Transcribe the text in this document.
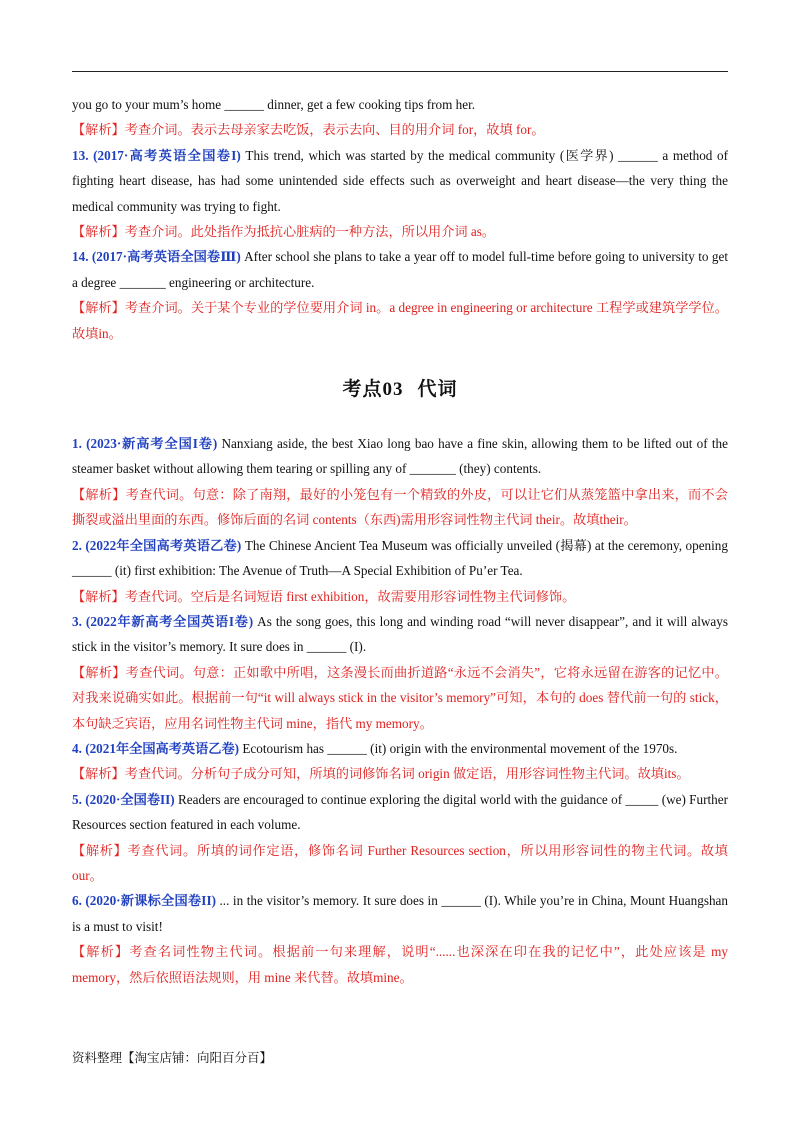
you go to your mum’s home ______ dinner, get a few cooking tips from her.

【解析】考查介词。表示去母亲家去吃饭，表示去向、目的用介词 for，故填 for。

13. (2017·高考英语全国卷I) This trend, which was started by the medical community (医学界) ______ a method of fighting heart disease, has had some unintended side effects such as overweight and heart disease—the very thing the medical community was trying to fight.

【解析】考查介词。此处指作为抵抗心脏病的一种方法，所以用介词 as。

14. (2017·高考英语全国卷Ⅲ) After school she plans to take a year off to model full-time before going to university to get a degree _______ engineering or architecture.

【解析】考查介词。关于某个专业的学位要用介词 in。a degree in engineering or architecture 工程学或建筑学学位。故填in。

考点03 代词

1. (2023·新高考全国I卷) Nanxiang aside, the best Xiao long bao have a fine skin, allowing them to be lifted out of the steamer basket without allowing them tearing or spilling any of _______ (they) contents.

【解析】考查代词。句意：除了南翔，最好的小笼包有一个精致的外皮，可以让它们从蒸笼篮中拿出来，而不会撕裂或溢出里面的东西。修饰后面的名词 contents（东西)需用形容词性物主代词 their。故填their。

2. (2022年全国高考英语乙卷) The Chinese Ancient Tea Museum was officially unveiled (揭幕) at the ceremony, opening ______ (it) first exhibition: The Avenue of Truth—A Special Exhibition of Pu’er Tea.

【解析】考查代词。空后是名词短语 first exhibition，故需要用形容词性物主代词修饰。

3. (2022年新高考全国英语I卷) As the song goes, this long and winding road “will never disappear”, and it will always stick in the visitor’s memory. It sure does in ______ (I).

【解析】考查代词。句意：正如歌中所唱，这条漫长而曲折道路“永远不会消失”，它将永远留在游客的记忆中。对我来说确实如此。根据前一句“it will always stick in the visitor’s memory”可知，本句的 does 替代前一句的 stick，本句缺乏宾语，应用名词性物主代词 mine，指代 my memory。

4. (2021年全国高考英语乙卷) Ecotourism has ______ (it) origin with the environmental movement of the 1970s.

【解析】考查代词。分析句子成分可知，所填的词修饰名词 origin 做定语，用形容词性物主代词。故填its。

5. (2020·全国卷II) Readers are encouraged to continue exploring the digital world with the guidance of _____ (we) Further Resources section featured in each volume.

【解析】考查代词。所填的词作定语，修饰名词 Further Resources section，所以用形容词性的物主代词。故填our。

6. (2020·新课标全国卷II) ... in the visitor’s memory. It sure does in ______ (I). While you’re in China, Mount Huangshan is a must to visit!

【解析】考查名词性物主代词。根据前一句来理解，说明“......也深深在印在我的记忆中”，此处应该是 my memory，然后依照语法规则，用 mine 来代替。故填mine。

资料整理【淘宝店铺：向阳百分百】
